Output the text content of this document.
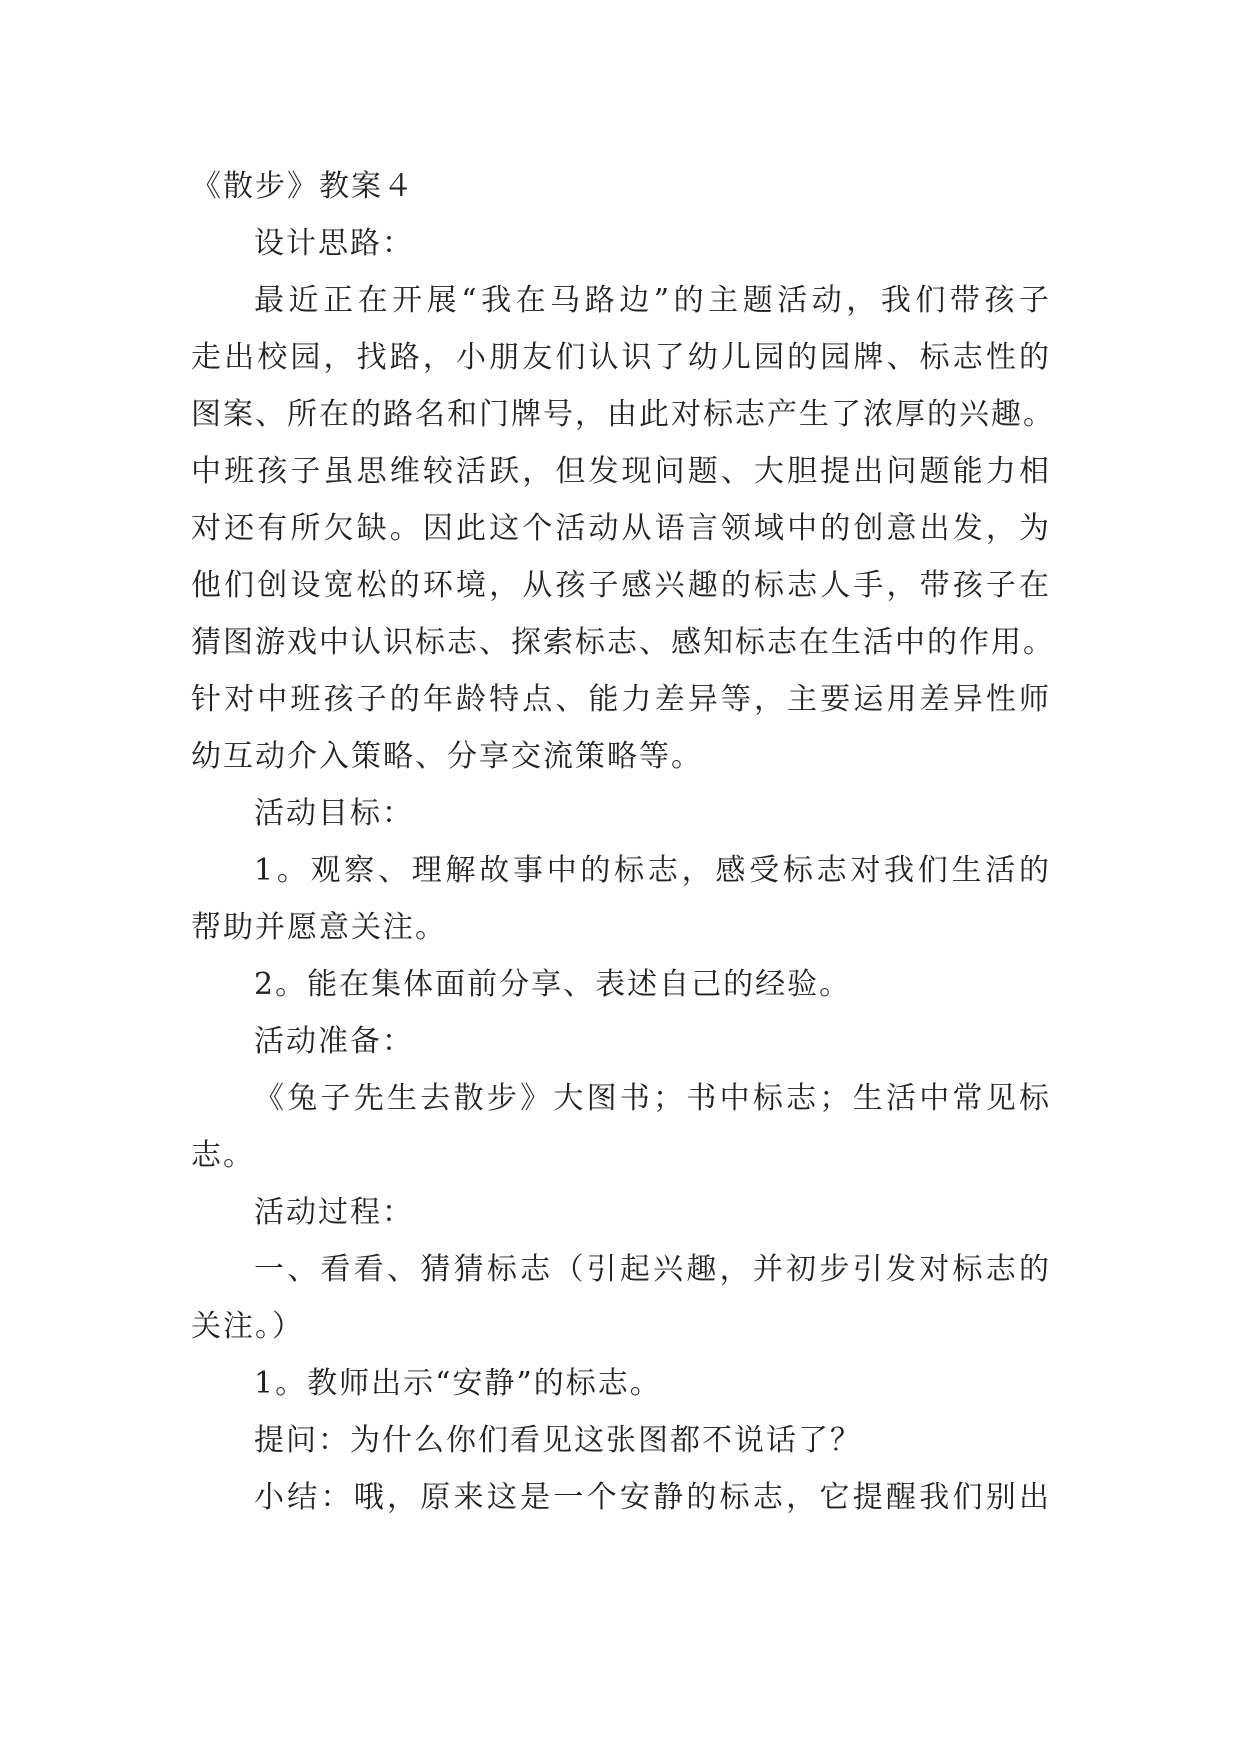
《散步》教案４
设计思路：
最近正在开展“我在马路边”的主题活动，我们带孩子
走出校园，找路，小朋友们认识了幼儿园的园牌、标志性的
图案、所在的路名和门牌号，由此对标志产生了浓厚的兴趣。
中班孩子虽思维较活跃，但发现问题、大胆提出问题能力相
对还有所欠缺。因此这个活动从语言领域中的创意出发，为
他们创设宽松的环境，从孩子感兴趣的标志人手，带孩子在
猜图游戏中认识标志、探索标志、感知标志在生活中的作用。
针对中班孩子的年龄特点、能力差异等，主要运用差异性师
幼互动介入策略、分享交流策略等。
活动目标：
1。观察、理解故事中的标志，感受标志对我们生活的
帮助并愿意关注。
2。能在集体面前分享、表述自己的经验。
活动准备：
《兔子先生去散步》大图书；书中标志；生活中常见标
志。
活动过程：
一、看看、猜猜标志（引起兴趣，并初步引发对标志的
关注。）
1。教师出示“安静”的标志。
提问：为什么你们看见这张图都不说话了？
小结：哦，原来这是一个安静的标志，它提醒我们别出
